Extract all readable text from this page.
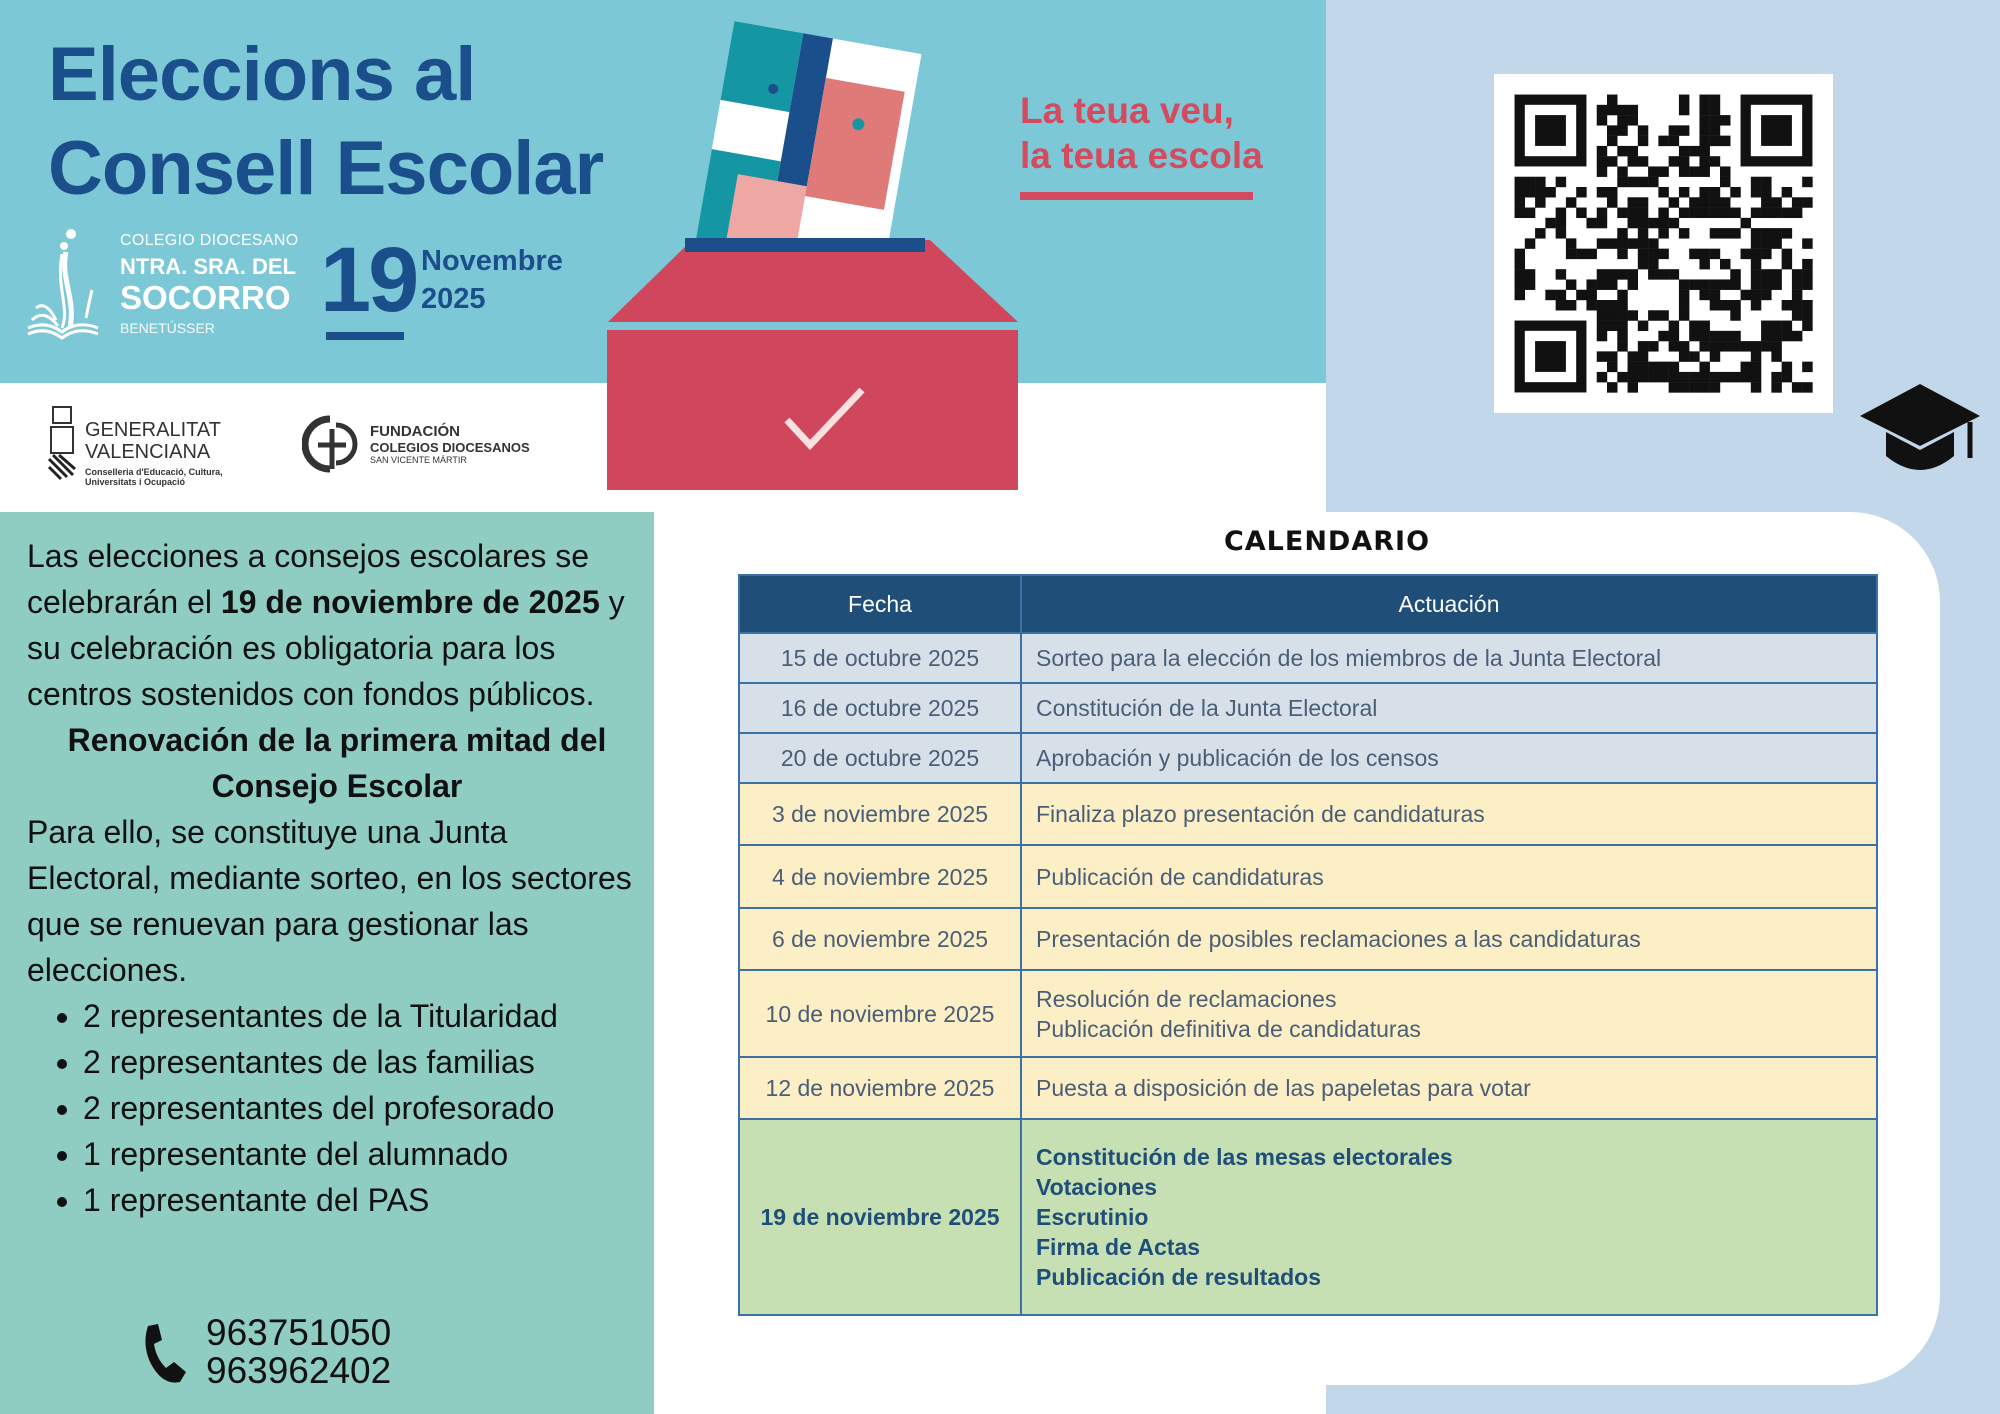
Eleccions al
Consell Escolar
COLEGIO DIOCESANO
NTRA. SRA. DEL
SOCORRO
BENETÚSSER	19 Novembre
2025
La teua veu,
la teua escola
GENERALITAT
VALENCIANA
Conselleria d'Educació, Cultura,
Universitats i Ocupació
FUNDACIÓN
COLEGIOS DIOCESANOS
SAN VICENTE MÁRTIR
CALENDARIO
Fecha	Actuación
15 de octubre 2025	Sorteo para la elección de los miembros de la Junta Electoral

16 de octubre 2025	Constitución de la Junta Electoral

20 de octubre 2025	Aprobación y publicación de los censos

3 de noviembre 2025	Finaliza plazo presentación de candidaturas

4 de noviembre 2025	Publicación de candidaturas

6 de noviembre 2025	Presentación de posibles reclamaciones a las candidaturas

10 de noviembre 2025	Resolución de reclamaciones
Publicación definitiva de candidaturas

12 de noviembre 2025	Puesta a disposición de las papeletas para votar

19 de noviembre 2025	Constitución de las mesas electorales
Votaciones
Escrutinio
Firma de Actas
Publicación de resultados

Las elecciones a consejos escolares se celebrarán el 19 de noviembre de 2025 y su celebración es obligatoria para los centros sostenidos con fondos públicos.

Renovación de la primera mitad del Consejo Escolar

Para ello, se constituye una Junta Electoral, mediante sorteo, en los sectores que se renuevan para gestionar las elecciones.

• 2 representantes de la Titularidad
• 2 representantes de las familias
• 2 representantes del profesorado
• 1 representante del alumnado
• 1 representante del PAS
963751050
963962402
